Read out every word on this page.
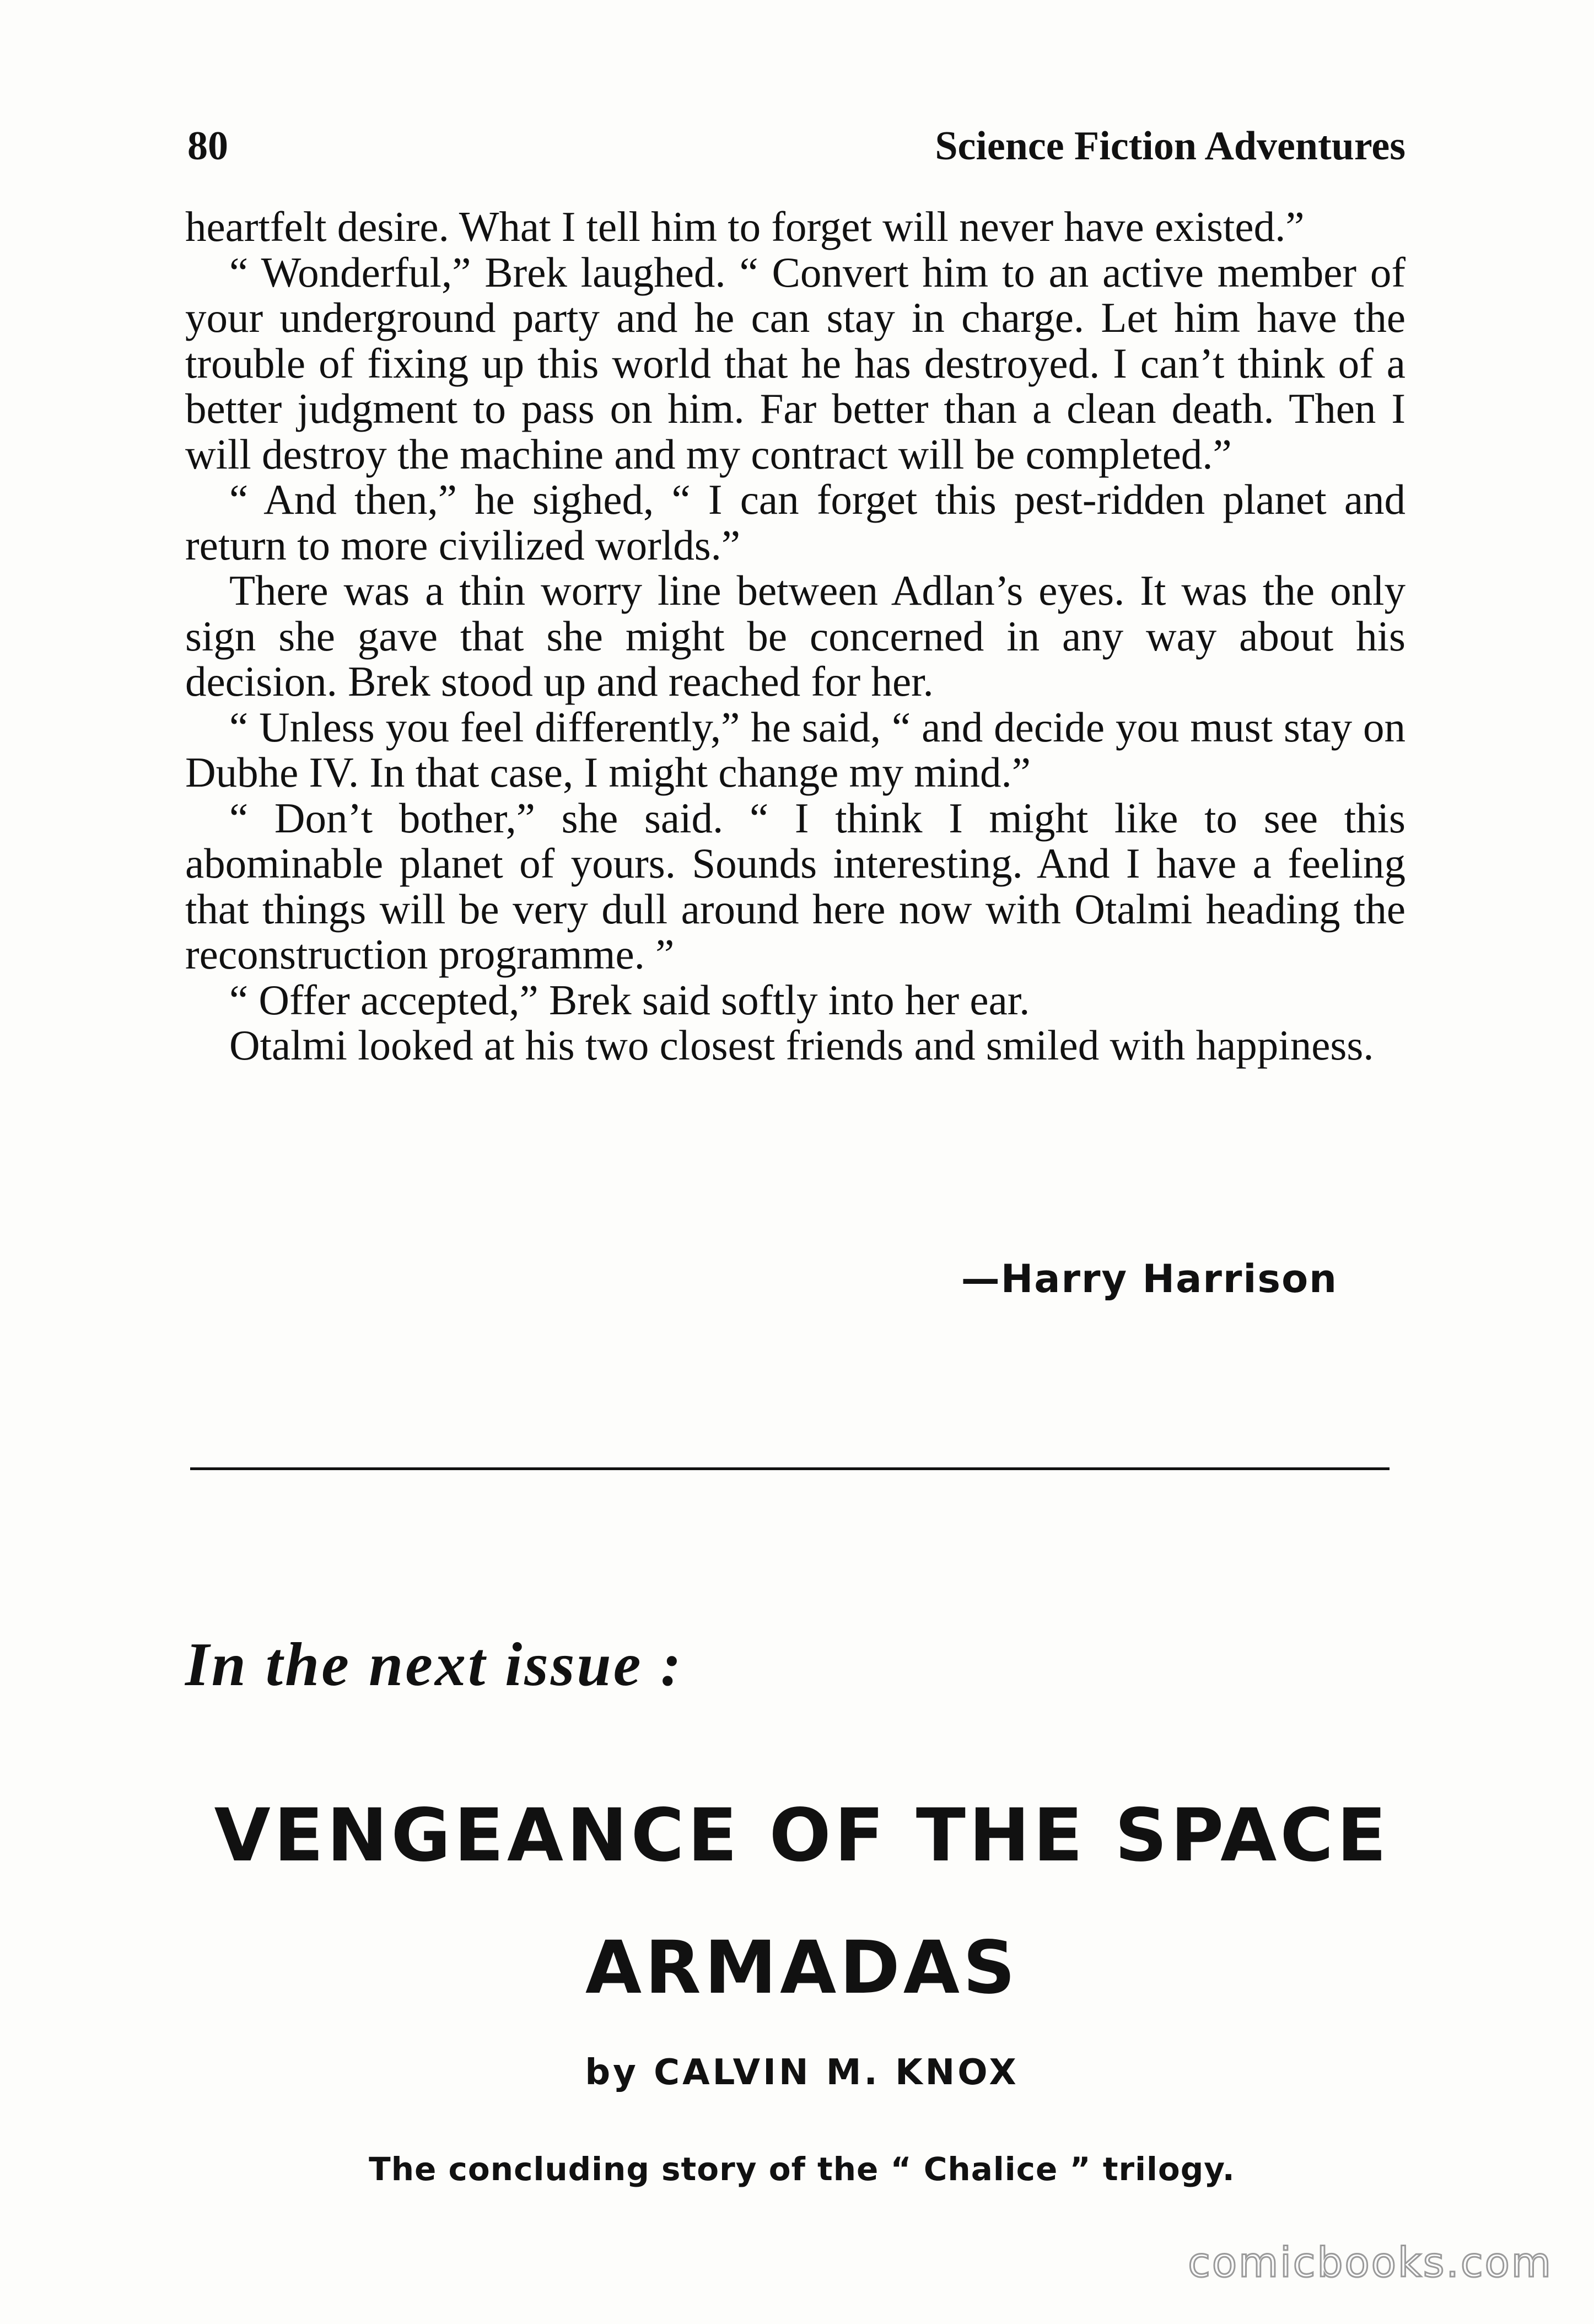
80	Science Fiction Adventures

heartfelt desire. What I tell him to forget will never have existed.”

“ Wonderful,” Brek laughed. “ Convert him to an active member of your underground party and he can stay in charge. Let him have the trouble of fixing up this world that he has destroyed. I can’t think of a better judgment to pass on him. Far better than a clean death. Then I will destroy the machine and my contract will be completed.”

“ And then,” he sighed, “ I can forget this pest-ridden planet and return to more civilized worlds.”

There was a thin worry line between Adlan’s eyes. It was the only sign she gave that she might be concerned in any way about his decision. Brek stood up and reached for her.

“ Unless you feel differently,” he said, “ and decide you must stay on Dubhe IV. In that case, I might change my mind.”

“ Don’t bother,” she said. “ I think I might like to see this abominable planet of yours. Sounds interesting. And I have a feeling that things will be very dull around here now with Otalmi heading the reconstruction programme. ”

“ Offer accepted,” Brek said softly into her ear.

Otalmi looked at his two closest friends and smiled with happiness.

—Harry Harrison
In the next issue :
VENGEANCE OF THE SPACE
ARMADAS
by CALVIN M. KNOX
The concluding story of the “ Chalice ” trilogy.
comicbooks.com
